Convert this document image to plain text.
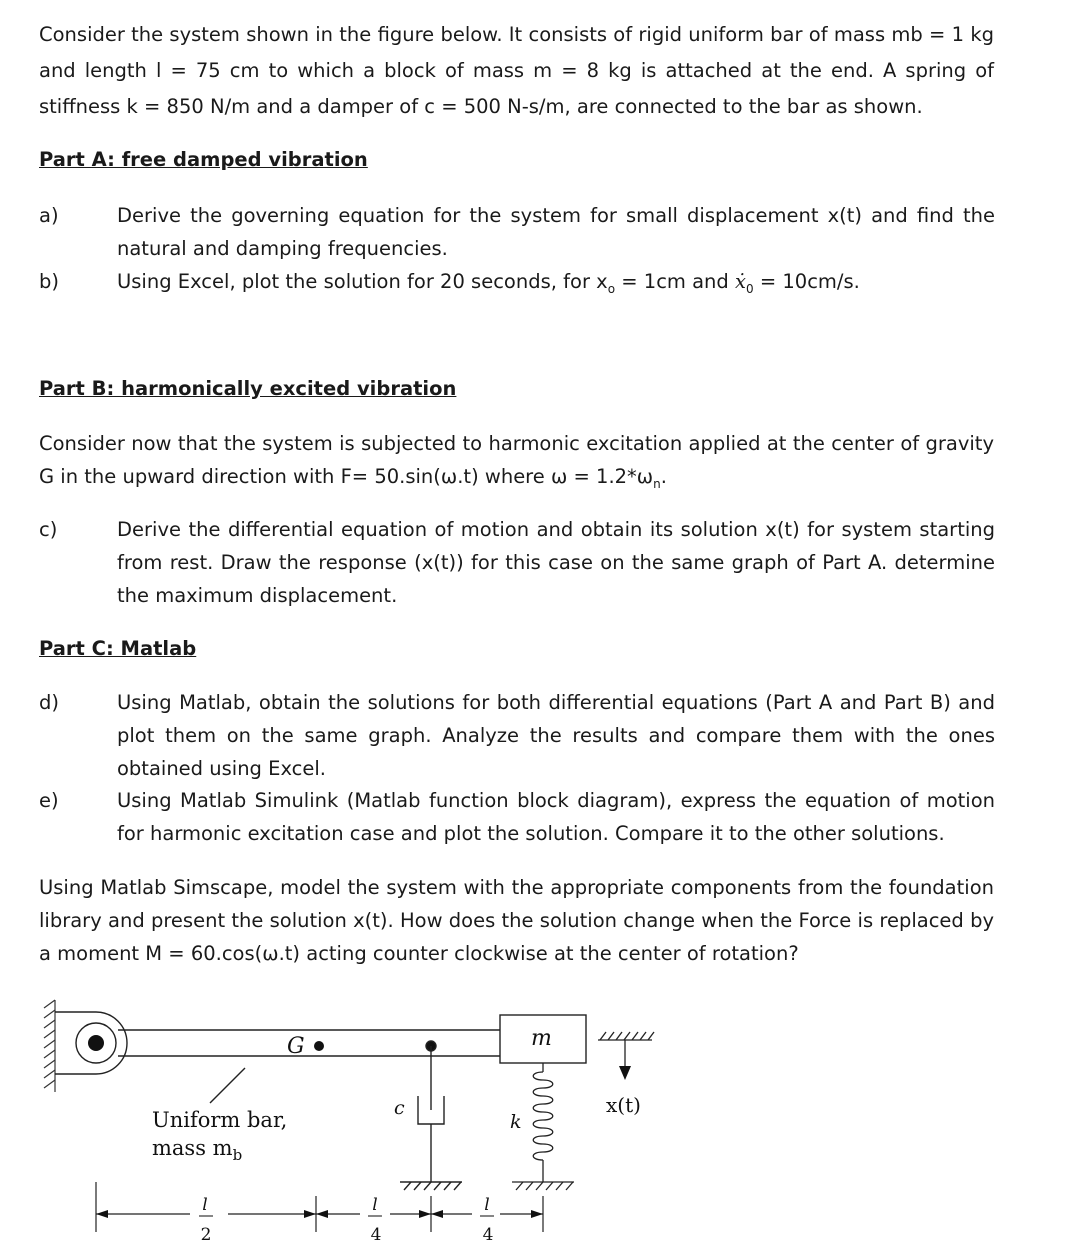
Consider the system shown in the figure below. It consists of rigid uniform bar of mass mb = 1 kg and length l = 75 cm to which a block of mass m = 8 kg is attached at the end. A spring of stiffness k = 850 N/m and a damper of c = 500 N-s/m, are connected to the bar as shown.
Part A: free damped vibration
a)	Derive the governing equation for the system for small displacement x(t) and find the natural and damping frequencies.
b)	Using Excel, plot the solution for 20 seconds, for $x_o = 1cm$ and ẋ$_0$ = 10cm/s.
Part B: harmonically excited vibration
Consider now that the system is subjected to harmonic excitation applied at the center of gravity G in the upward direction with F= 50.sin(ω.t) where $\omega = 1.2*\omega_n$.
c)	Derive the differential equation of motion and obtain its solution x(t) for system starting from rest. Draw the response (x(t)) for this case on the same graph of Part A. determine the maximum displacement.
Part C: Matlab
d)	Using Matlab, obtain the solutions for both differential equations (Part A and Part B) and plot them on the same graph. Analyze the results and compare them with the ones obtained using Excel.
e)	Using Matlab Simulink (Matlab function block diagram), express the equation of motion for harmonic excitation case and plot the solution. Compare it to the other solutions.
Using Matlab Simscape, model the system with the appropriate components from the foundation library and present the solution x(t). How does the solution change when the Force is replaced by a moment M = 60.cos(ω.t) acting counter clockwise at the center of rotation?
G	m
c
k
x(t)
Uniform bar,
mass $m_b$
l
2
l
4
l
4
